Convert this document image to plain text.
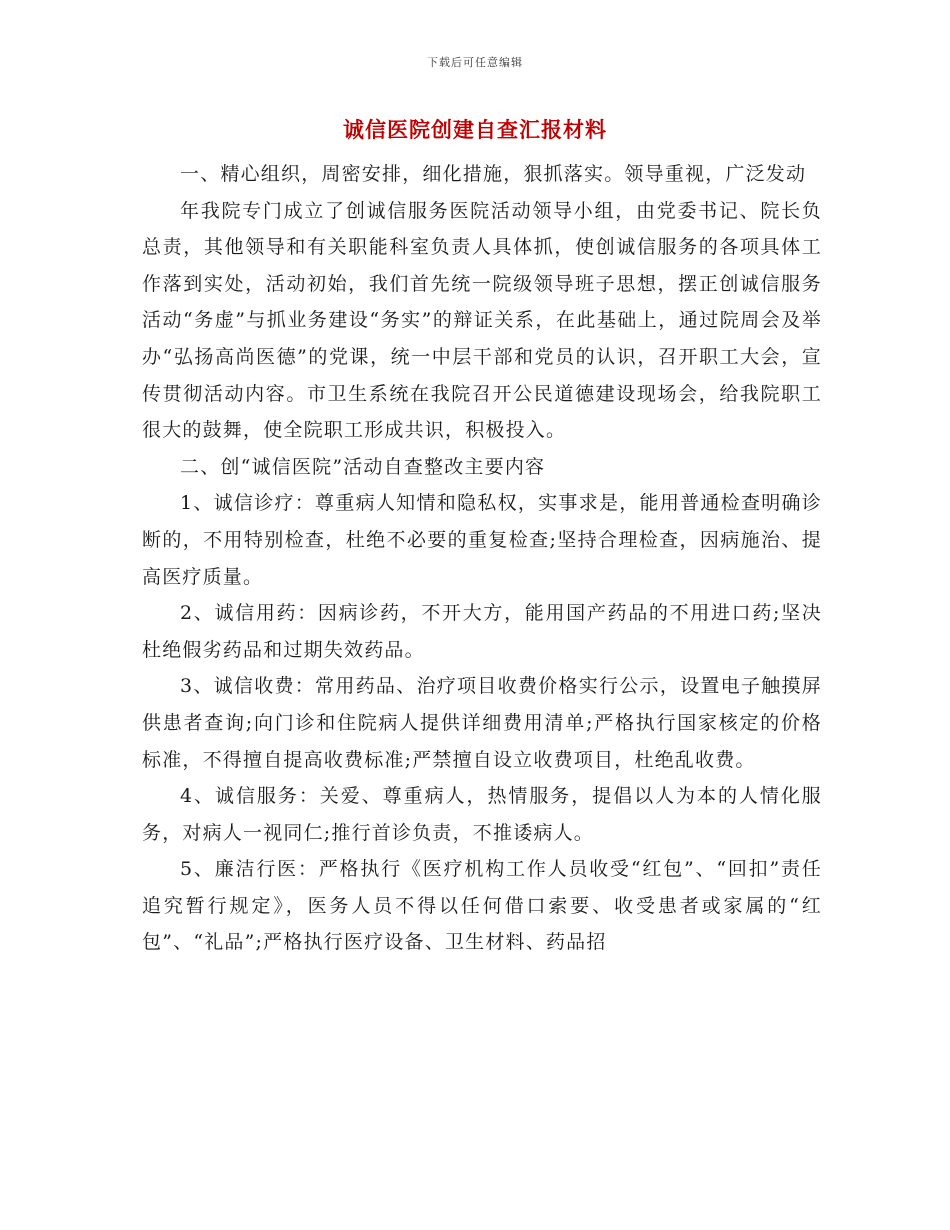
下载后可任意编辑
诚信医院创建自查汇报材料

一、精心组织，周密安排，细化措施，狠抓落实。领导重视，广泛发动

年我院专门成立了创诚信服务医院活动领导小组，由党委书记、院长负总责，其他领导和有关职能科室负责人具体抓，使创诚信服务的各项具体工作落到实处，活动初始，我们首先统一院级领导班子思想，摆正创诚信服务活动“务虚”与抓业务建设“务实”的辩证关系，在此基础上，通过院周会及举办“弘扬高尚医德”的党课，统一中层干部和党员的认识，召开职工大会，宣传贯彻活动内容。市卫生系统在我院召开公民道德建设现场会，给我院职工很大的鼓舞，使全院职工形成共识，积极投入。

二、创“诚信医院”活动自查整改主要内容

1、诚信诊疗：尊重病人知情和隐私权，实事求是，能用普通检查明确诊断的，不用特别检查，杜绝不必要的重复检查;坚持合理检查，因病施治、提高医疗质量。

2、诚信用药：因病诊药，不开大方，能用国产药品的不用进口药;坚决杜绝假劣药品和过期失效药品。

3、诚信收费：常用药品、治疗项目收费价格实行公示，设置电子触摸屏供患者查询;向门诊和住院病人提供详细费用清单;严格执行国家核定的价格标准，不得擅自提高收费标准;严禁擅自设立收费项目，杜绝乱收费。

4、诚信服务：关爱、尊重病人，热情服务，提倡以人为本的人情化服务，对病人一视同仁;推行首诊负责，不推诿病人。

5、廉洁行医：严格执行《医疗机构工作人员收受“红包”、“回扣”责任追究暂行规定》，医务人员不得以任何借口索要、收受患者或家属的“红包”、“礼品”;严格执行医疗设备、卫生材料、药品招
